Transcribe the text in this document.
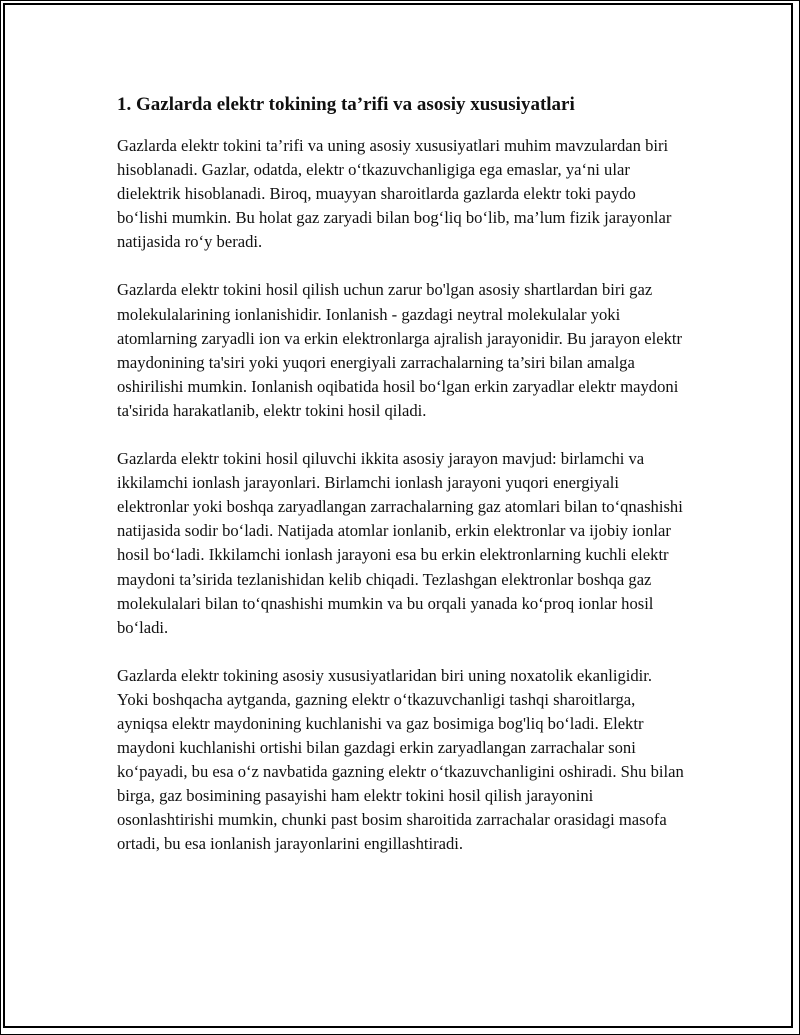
1. Gazlarda elektr tokining ta’rifi va asosiy xususiyatlari

Gazlarda elektr tokini ta’rifi va uning asosiy xususiyatlari muhim mavzulardan biri hisoblanadi. Gazlar, odatda, elektr o‘tkazuvchanligiga ega emaslar, ya‘ni ular dielektrik hisoblanadi. Biroq, muayyan sharoitlarda gazlarda elektr toki paydo bo‘lishi mumkin. Bu holat gaz zaryadi bilan bog‘liq bo‘lib, ma’lum fizik jarayonlar natijasida ro‘y beradi.

Gazlarda elektr tokini hosil qilish uchun zarur bo'lgan asosiy shartlardan biri gaz molekulalarining ionlanishidir. Ionlanish - gazdagi neytral molekulalar yoki atomlarning zaryadli ion va erkin elektronlarga ajralish jarayonidir. Bu jarayon elektr maydonining ta'siri yoki yuqori energiyali zarrachalarning ta’siri bilan amalga oshirilishi mumkin. Ionlanish oqibatida hosil bo‘lgan erkin zaryadlar elektr maydoni ta'sirida harakatlanib, elektr tokini hosil qiladi.

Gazlarda elektr tokini hosil qiluvchi ikkita asosiy jarayon mavjud: birlamchi va ikkilamchi ionlash jarayonlari. Birlamchi ionlash jarayoni yuqori energiyali elektronlar yoki boshqa zaryadlangan zarrachalarning gaz atomlari bilan to‘qnashishi natijasida sodir bo‘ladi. Natijada atomlar ionlanib, erkin elektronlar va ijobiy ionlar hosil bo‘ladi. Ikkilamchi ionlash jarayoni esa bu erkin elektronlarning kuchli elektr maydoni ta’sirida tezlanishidan kelib chiqadi. Tezlashgan elektronlar boshqa gaz molekulalari bilan to‘qnashishi mumkin va bu orqali yanada ko‘proq ionlar hosil bo‘ladi.

Gazlarda elektr tokining asosiy xususiyatlaridan biri uning noxatolik ekanligidir. Yoki boshqacha aytganda, gazning elektr o‘tkazuvchanligi tashqi sharoitlarga, ayniqsa elektr maydonining kuchlanishi va gaz bosimiga bog'liq bo‘ladi. Elektr maydoni kuchlanishi ortishi bilan gazdagi erkin zaryadlangan zarrachalar soni ko‘payadi, bu esa o‘z navbatida gazning elektr o‘tkazuvchanligini oshiradi. Shu bilan birga, gaz bosimining pasayishi ham elektr tokini hosil qilish jarayonini osonlashtirishi mumkin, chunki past bosim sharoitida zarrachalar orasidagi masofa ortadi, bu esa ionlanish jarayonlarini engillashtiradi.
